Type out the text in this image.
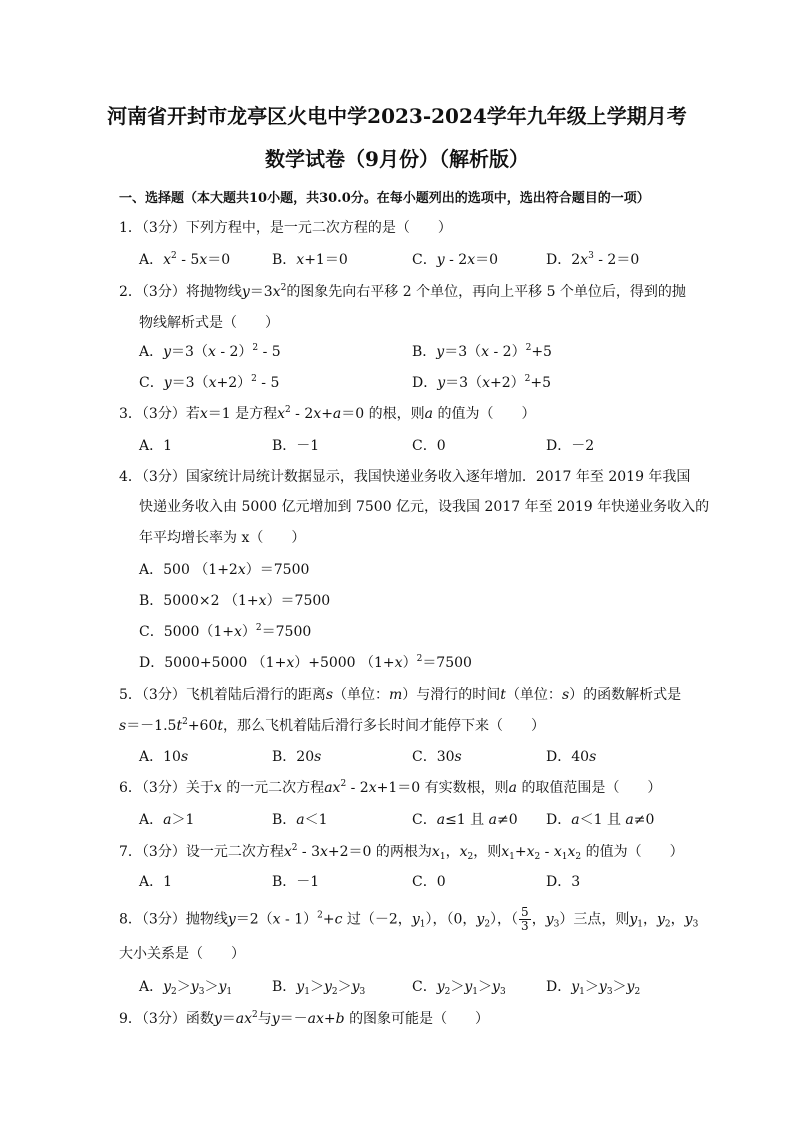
河南省开封市龙亭区火电中学2023-2024学年九年级上学期月考
数学试卷（9月份）（解析版）
一、选择题（本大题共10小题，共30.0分。在每小题列出的选项中，选出符合题目的一项）
1．（3分）下列方程中，是一元二次方程的是（　　）
A．$x^2 - 5x=0$	B．x+1＝0	C．y - 2x＝0	D．$2x^3 - 2=0$
2．（3分）将抛物线$y=3x^2$的图象先向右平移 2 个单位，再向上平移 5 个单位后，得到的抛
物线解析式是（　　）
A．y＝3（x - 2）$^2$ - 5	B．y＝3（x - 2）$^2$+5
C．$y=3(x+2)^2 - 5$	D．$y=3(x+2)^2+5$
3．（3分）若x＝1 是方程$x^2 - 2x+a=0$ 的根，则a 的值为（　　）
A．1	B．－1	C．0	D．－2
4．（3分）国家统计局统计数据显示，我国快递业务收入逐年增加．2017 年至 2019 年我国
快递业务收入由 5000 亿元增加到 7500 亿元，设我国 2017 年至 2019 年快递业务收入的
年平均增长率为 x（　　）
A．500 （1+2x）＝7500
B．5000×2 （1+x）＝7500
C．$5000(1+x)^2=7500$
D．5000+5000 （1+x）+5000 $(1+x)^2=7500$
5．（3分）飞机着陆后滑行的距离s（单位：m）与滑行的时间t（单位：s）的函数解析式是
$s=-1.5t^2+60t$，那么飞机着陆后滑行多长时间才能停下来（　　）
A．10s	B．20s	C．30s	D．40s
6．（3分）关于x 的一元二次方程$ax^2 - 2x+1=0$ 有实数根，则a 的取值范围是（　　）
A．a＞1	B．a＜1	C．a≤1 且 a≠0 D．a＜1 且 a≠0
7．（3分）设一元二次方程$x^2 - 3x+2=0$ 的两根为$x_1$，$x_2$，则$x_1+x_2 - x_1x_2$ 的值为（　　）
A．1	B．－1	C．0	D．3
8．（3分）抛物线y＝2（x - 1）$^2$+c 过（－2，$y_1$），（0，$y_2$），（ $\frac{5}{3}$ ，$y_3$）三点，则$y_1$，$y_2$，$y_3$
大小关系是（　　）
A．$y_2>y_3>y_1$	B．$y_1>y_2>y_3$	C．$y_2>y_1>y_3$	D．$y_1>y_3>y_2$
9．（3分）函数$y=ax^2$与y＝－ax+b 的图象可能是（　　）
